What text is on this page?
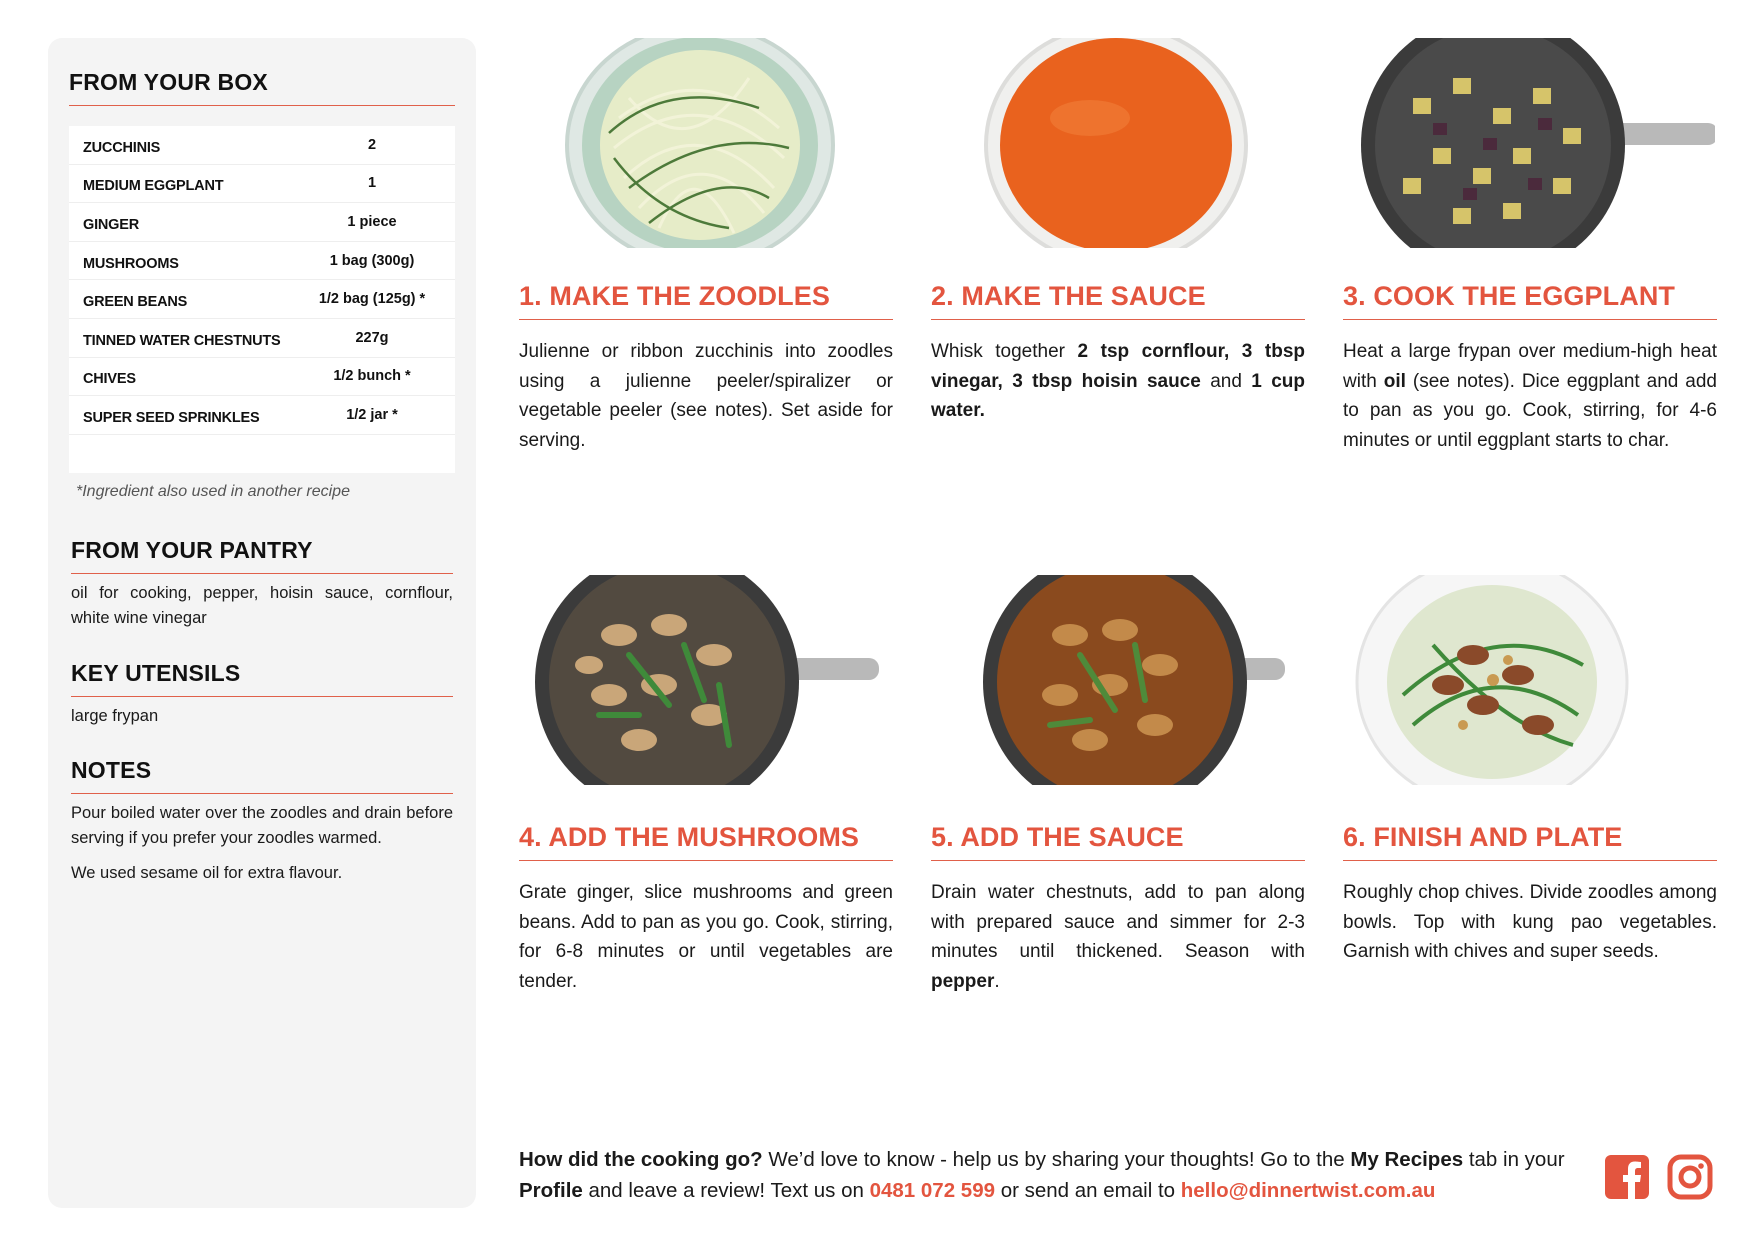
FROM YOUR BOX
ZUCCHINIS	2
MEDIUM EGGPLANT	1
GINGER	1 piece
MUSHROOMS	1 bag (300g)
GREEN BEANS	1/2 bag (125g) *
TINNED WATER CHESTNUTS	227g
CHIVES	1/2 bunch *
SUPER SEED SPRINKLES	1/2 jar *
*Ingredient also used in another recipe
FROM YOUR PANTRY
oil for cooking, pepper, hoisin sauce, cornflour, white wine vinegar
KEY UTENSILS
large frypan
NOTES
Pour boiled water over the zoodles and drain before serving if you prefer your zoodles warmed.
We used sesame oil for extra flavour.
1. MAKE THE ZOODLES	2. MAKE THE SAUCE	3. COOK THE EGGPLANT
4. ADD THE MUSHROOMS	5. ADD THE SAUCE	6. FINISH AND PLATE
Julienne or ribbon zucchinis into zoodles using a julienne peeler/spiralizer or vegetable peeler (see notes). Set aside for serving.
Whisk together 2 tsp cornflour, 3 tbsp vinegar, 3 tbsp hoisin sauce and 1 cup water.
Heat a large frypan over medium-high heat with oil (see notes). Dice eggplant and add to pan as you go. Cook, stirring, for 4-6 minutes or until eggplant starts to char.
Grate ginger, slice mushrooms and green beans. Add to pan as you go. Cook, stirring, for 6-8 minutes or until vegetables are tender.
Drain water chestnuts, add to pan along with prepared sauce and simmer for 2-3 minutes until thickened. Season with pepper.
Roughly chop chives. Divide zoodles among bowls. Top with kung pao vegetables. Garnish with chives and super seeds.
How did the cooking go? We’d love to know - help us by sharing your thoughts! Go to the My Recipes tab in your Profile and leave a review! Text us on 0481 072 599 or send an email to hello@dinnertwist.com.au
